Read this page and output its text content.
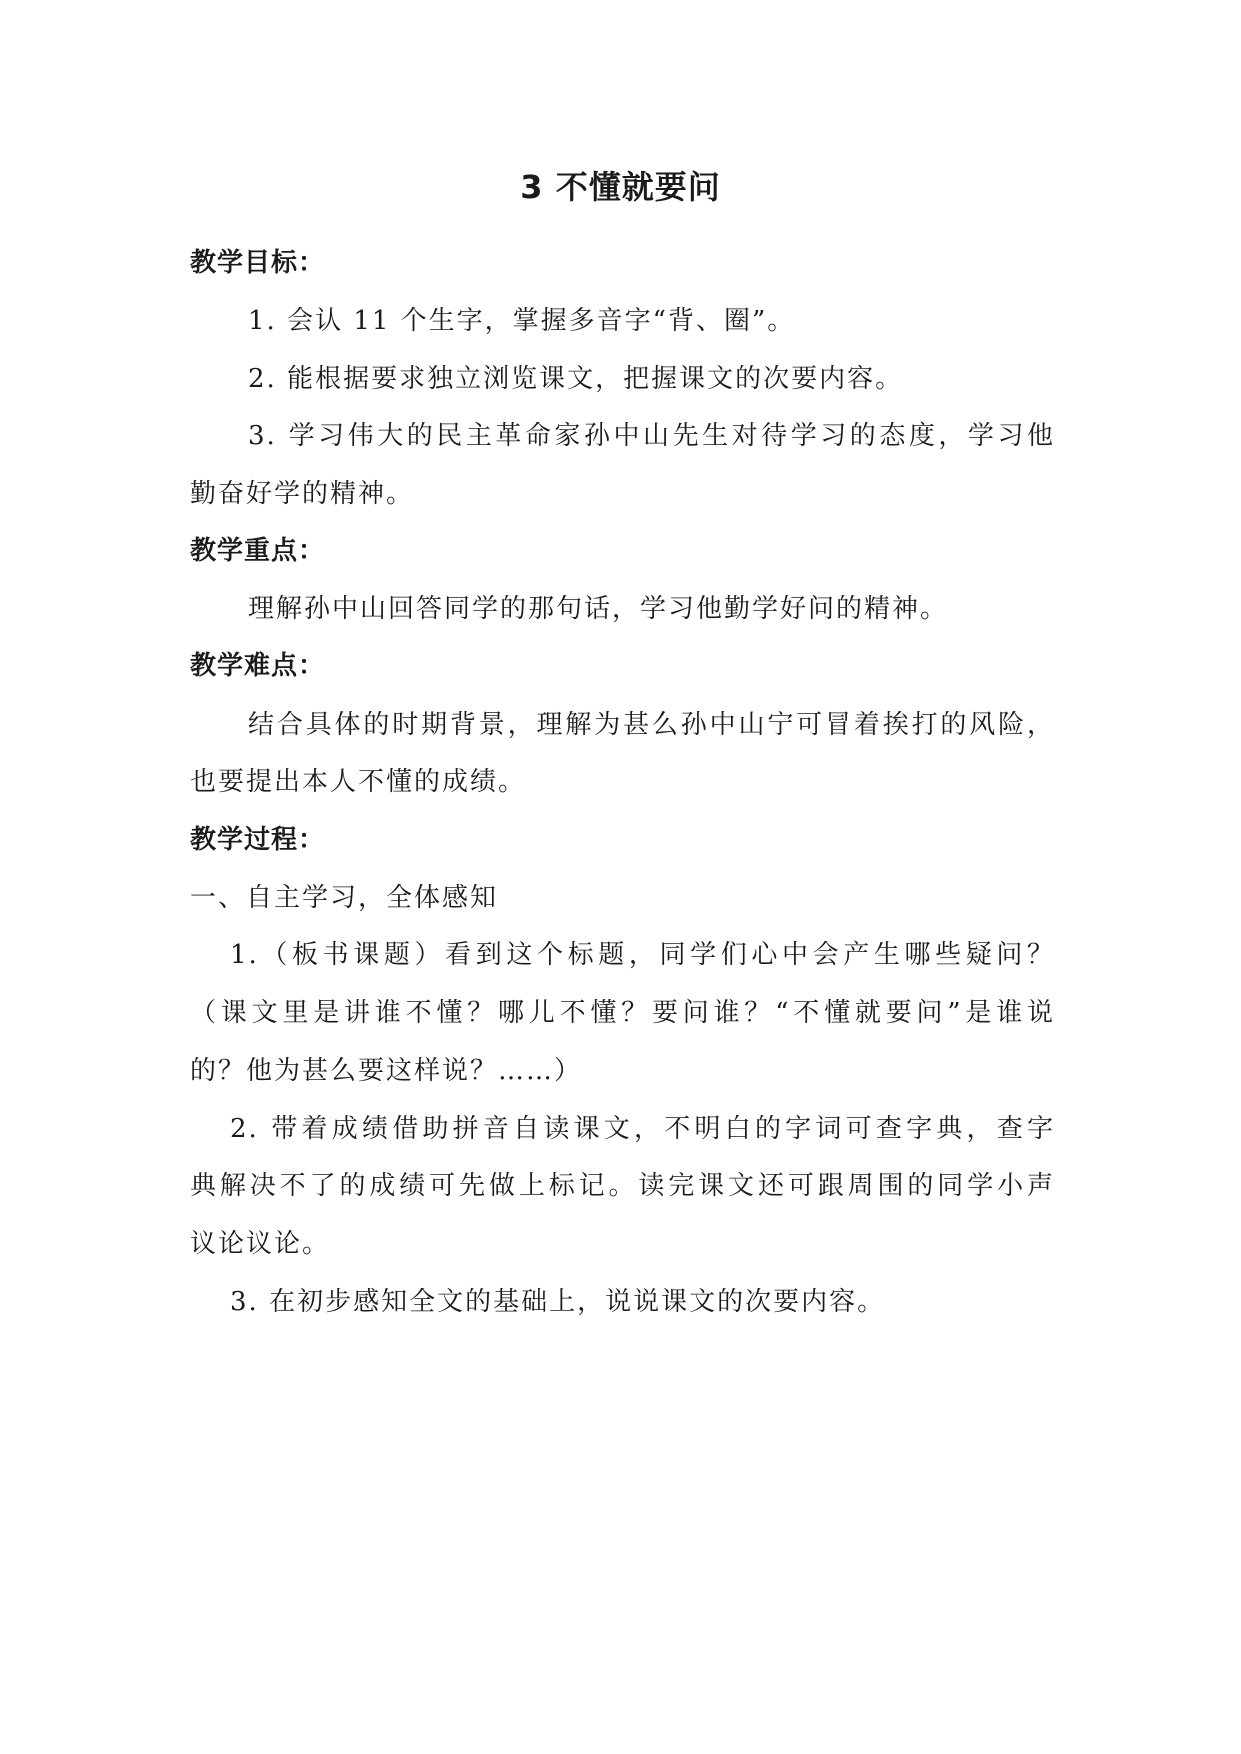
3 不懂就要问
教学目标：
1. 会认 11 个生字，掌握多音字“背、圈”。
2. 能根据要求独立浏览课文，把握课文的次要内容。
3. 学习伟大的民主革命家孙中山先生对待学习的态度，学习他
勤奋好学的精神。
教学重点：
理解孙中山回答同学的那句话，学习他勤学好问的精神。
教学难点：
结合具体的时期背景，理解为甚么孙中山宁可冒着挨打的风险，
也要提出本人不懂的成绩。
教学过程：
一、自主学习，全体感知
1.（板书课题）看到这个标题，同学们心中会产生哪些疑问？
（课文里是讲谁不懂？哪儿不懂？要问谁？“不懂就要问”是谁说
的？他为甚么要这样说？……）
2. 带着成绩借助拼音自读课文，不明白的字词可查字典，查字
典解决不了的成绩可先做上标记。读完课文还可跟周围的同学小声
议论议论。
3. 在初步感知全文的基础上，说说课文的次要内容。
